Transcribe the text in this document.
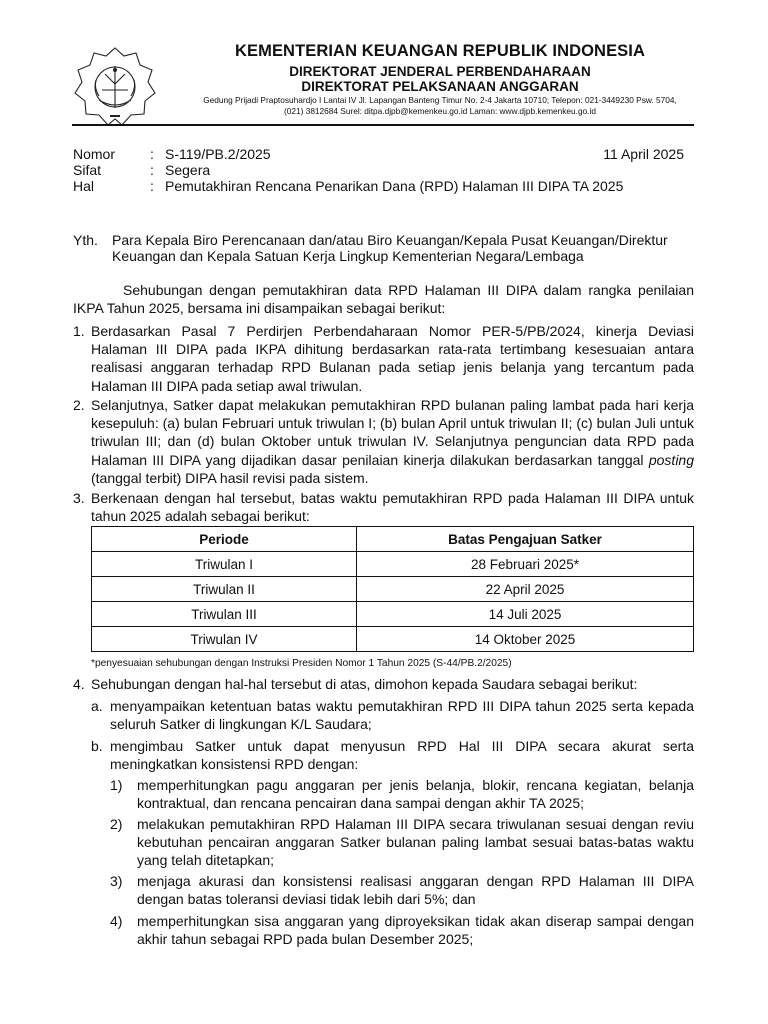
KEMENTERIAN KEUANGAN REPUBLIK INDONESIA
DIREKTORAT JENDERAL PERBENDAHARAAN
DIREKTORAT PELAKSANAAN ANGGARAN
Gedung Prijadi Praptosuhardjo I Lantai IV Jl. Lapangan Banteng Timur No. 2-4 Jakarta 10710; Telepon: 021-3449230 Psw. 5704,
(021) 3812684 Surel: ditpa.djpb@kemenkeu.go.id Laman: www.djpb.kemenkeu.go.id
Nomor : S-119/PB.2/2025	11 April 2025
Sifat	: Segera
Hal	: Pemutakhiran Rencana Penarikan Dana (RPD) Halaman III DIPA TA 2025
Yth. Para Kepala Biro Perencanaan dan/atau Biro Keuangan/Kepala Pusat Keuangan/Direktur
Keuangan dan Kepala Satuan Kerja Lingkup Kementerian Negara/Lembaga
Sehubungan dengan pemutakhiran data RPD Halaman III DIPA dalam rangka penilaian IKPA Tahun 2025, bersama ini disampaikan sebagai berikut:
1. Berdasarkan Pasal 7 Perdirjen Perbendaharaan Nomor PER-5/PB/2024, kinerja Deviasi Halaman III DIPA pada IKPA dihitung berdasarkan rata-rata tertimbang kesesuaian antara realisasi anggaran terhadap RPD Bulanan pada setiap jenis belanja yang tercantum pada Halaman III DIPA pada setiap awal triwulan.
2. Selanjutnya, Satker dapat melakukan pemutakhiran RPD bulanan paling lambat pada hari kerja kesepuluh: (a) bulan Februari untuk triwulan I; (b) bulan April untuk triwulan II; (c) bulan Juli untuk triwulan III; dan (d) bulan Oktober untuk triwulan IV. Selanjutnya penguncian data RPD pada Halaman III DIPA yang dijadikan dasar penilaian kinerja dilakukan berdasarkan tanggal posting (tanggal terbit) DIPA hasil revisi pada sistem.
3. Berkenaan dengan hal tersebut, batas waktu pemutakhiran RPD pada Halaman III DIPA untuk tahun 2025 adalah sebagai berikut:
Periode	Batas Pengajuan Satker
Triwulan I	28 Februari 2025*
Triwulan II	22 April 2025
Triwulan III	14 Juli 2025
Triwulan IV	14 Oktober 2025
*penyesuaian sehubungan dengan Instruksi Presiden Nomor 1 Tahun 2025 (S-44/PB.2/2025)
4. Sehubungan dengan hal-hal tersebut di atas, dimohon kepada Saudara sebagai berikut:
a. menyampaikan ketentuan batas waktu pemutakhiran RPD III DIPA tahun 2025 serta kepada seluruh Satker di lingkungan K/L Saudara;
b. mengimbau Satker untuk dapat menyusun RPD Hal III DIPA secara akurat serta meningkatkan konsistensi RPD dengan:
1) memperhitungkan pagu anggaran per jenis belanja, blokir, rencana kegiatan, belanja kontraktual, dan rencana pencairan dana sampai dengan akhir TA 2025;
2) melakukan pemutakhiran RPD Halaman III DIPA secara triwulanan sesuai dengan reviu kebutuhan pencairan anggaran Satker bulanan paling lambat sesuai batas-batas waktu yang telah ditetapkan;
3) menjaga akurasi dan konsistensi realisasi anggaran dengan RPD Halaman III DIPA dengan batas toleransi deviasi tidak lebih dari 5%; dan
4) memperhitungkan sisa anggaran yang diproyeksikan tidak akan diserap sampai dengan akhir tahun sebagai RPD pada bulan Desember 2025;
